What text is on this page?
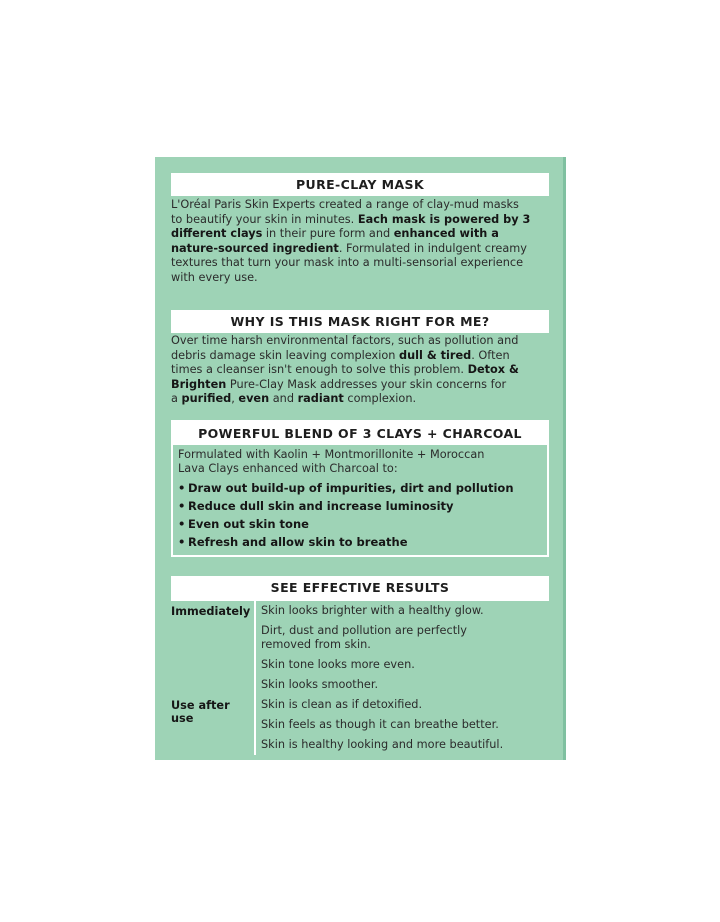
PURE-CLAY MASK

L'Oréal Paris Skin Experts created a range of clay-mud masks
to beautify your skin in minutes. Each mask is powered by 3
different clays in their pure form and enhanced with a
nature-sourced ingredient. Formulated in indulgent creamy
textures that turn your mask into a multi-sensorial experience
with every use.

WHY IS THIS MASK RIGHT FOR ME?

Over time harsh environmental factors, such as pollution and
debris damage skin leaving complexion dull & tired. Often
times a cleanser isn't enough to solve this problem. Detox &
Brighten Pure-Clay Mask addresses your skin concerns for
a purified, even and radiant complexion.

POWERFUL BLEND OF 3 CLAYS + CHARCOAL
Formulated with Kaolin + Montmorillonite + Moroccan
Lava Clays enhanced with Charcoal to:
• Draw out build-up of impurities, dirt and pollution
• Reduce dull skin and increase luminosity
• Even out skin tone
• Refresh and allow skin to breathe
SEE EFFECTIVE RESULTS
Immediately Skin looks brighter with a healthy glow.
Dirt, dust and pollution are perfectly removed from skin.
Skin tone looks more even.
Skin looks smoother.
Use after use
Skin is clean as if detoxified.
Skin feels as though it can breathe better.
Skin is healthy looking and more beautiful.
